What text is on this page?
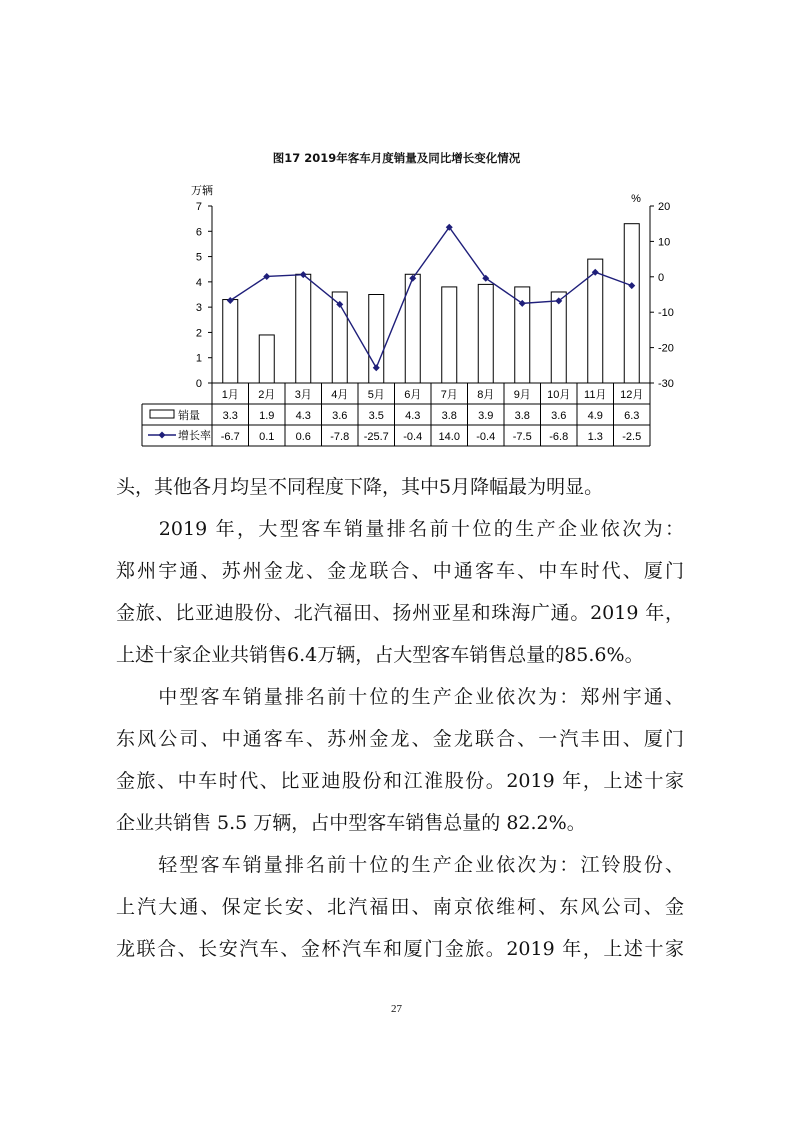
图17 2019年客车月度销量及同比增长变化情况
0
1
2
3
4
5
6
7
-30
-20
-10
0
10
20
万辆
%
1月 2月 3月 4月 5月 6月 7月 8月 9月 10月 11月 12月
销量
增长率
3.3 1.9 4.3 3.6 3.5 4.3 3.8 3.9 3.8 3.6 4.9 6.3
-6.7 0.1 0.6 -7.8 -25.7 -0.4 14.0 -0.4 -7.5 -6.8 1.3 -2.5

头，其他各月均呈不同程度下降，其中5月降幅最为明显。

　　2019 年，大型客车销量排名前十位的生产企业依次为：
郑州宇通、苏州金龙、金龙联合、中通客车、中车时代、厦门
金旅、比亚迪股份、北汽福田、扬州亚星和珠海广通。2019 年，
上述十家企业共销售6.4万辆，占大型客车销售总量的85.6%。

　　中型客车销量排名前十位的生产企业依次为：郑州宇通、
东风公司、中通客车、苏州金龙、金龙联合、一汽丰田、厦门
金旅、中车时代、比亚迪股份和江淮股份。2019 年，上述十家
企业共销售 5.5 万辆，占中型客车销售总量的 82.2%。

　　轻型客车销量排名前十位的生产企业依次为：江铃股份、
上汽大通、保定长安、北汽福田、南京依维柯、东风公司、金
龙联合、长安汽车、金杯汽车和厦门金旅。2019 年，上述十家

27
